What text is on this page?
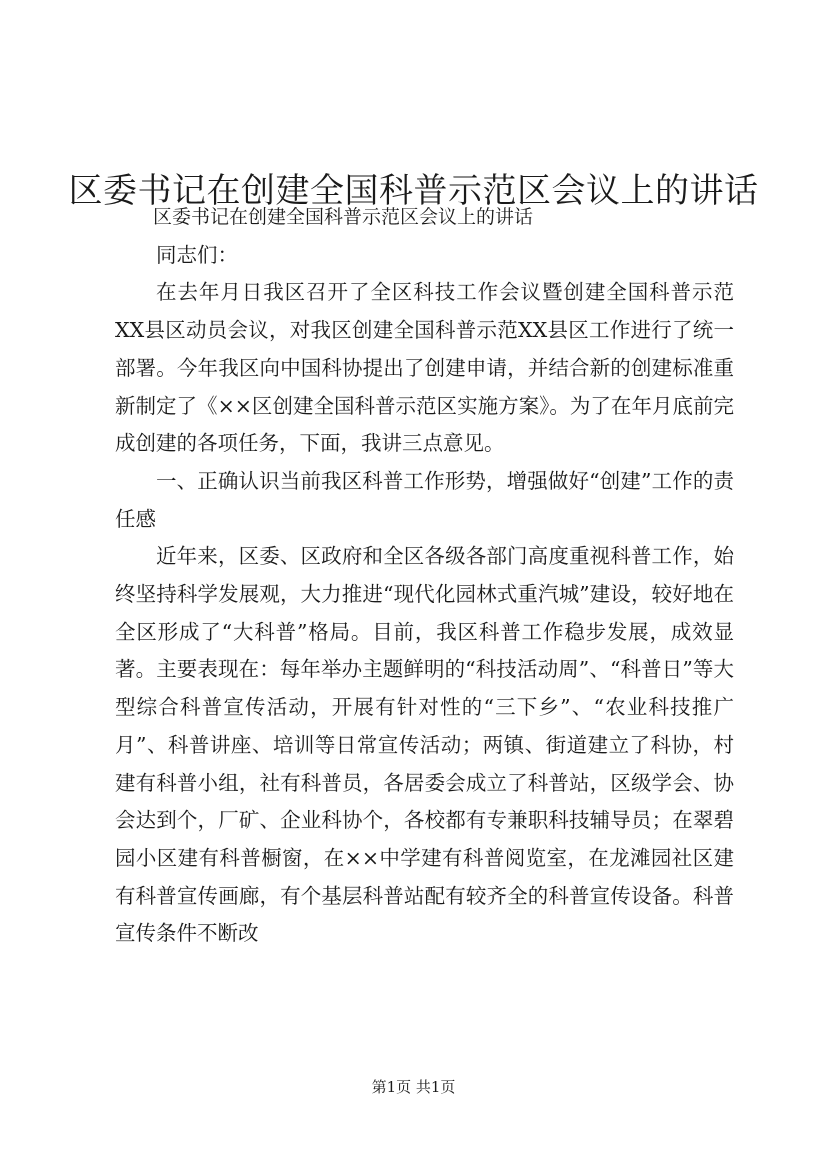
区委书记在创建全国科普示范区会议上的讲话

区委书记在创建全国科普示范区会议上的讲话

同志们：

在去年月日我区召开了全区科技工作会议暨创建全国科普示范XX县区动员会议，对我区创建全国科普示范XX县区工作进行了统一部署。今年我区向中国科协提出了创建申请，并结合新的创建标准重新制定了《××区创建全国科普示范区实施方案》。为了在年月底前完成创建的各项任务，下面，我讲三点意见。

一、正确认识当前我区科普工作形势，增强做好“创建”工作的责任感

近年来，区委、区政府和全区各级各部门高度重视科普工作，始终坚持科学发展观，大力推进“现代化园林式重汽城”建设，较好地在全区形成了“大科普”格局。目前，我区科普工作稳步发展，成效显著。主要表现在：每年举办主题鲜明的“科技活动周”、“科普日”等大型综合科普宣传活动，开展有针对性的“三下乡”、“农业科技推广月”、科普讲座、培训等日常宣传活动；两镇、街道建立了科协，村建有科普小组，社有科普员，各居委会成立了科普站，区级学会、协会达到个，厂矿、企业科协个，各校都有专兼职科技辅导员；在翠碧园小区建有科普橱窗，在××中学建有科普阅览室，在龙滩园社区建有科普宣传画廊，有个基层科普站配有较齐全的科普宣传设备。科普宣传条件不断改

第1页 共1页
